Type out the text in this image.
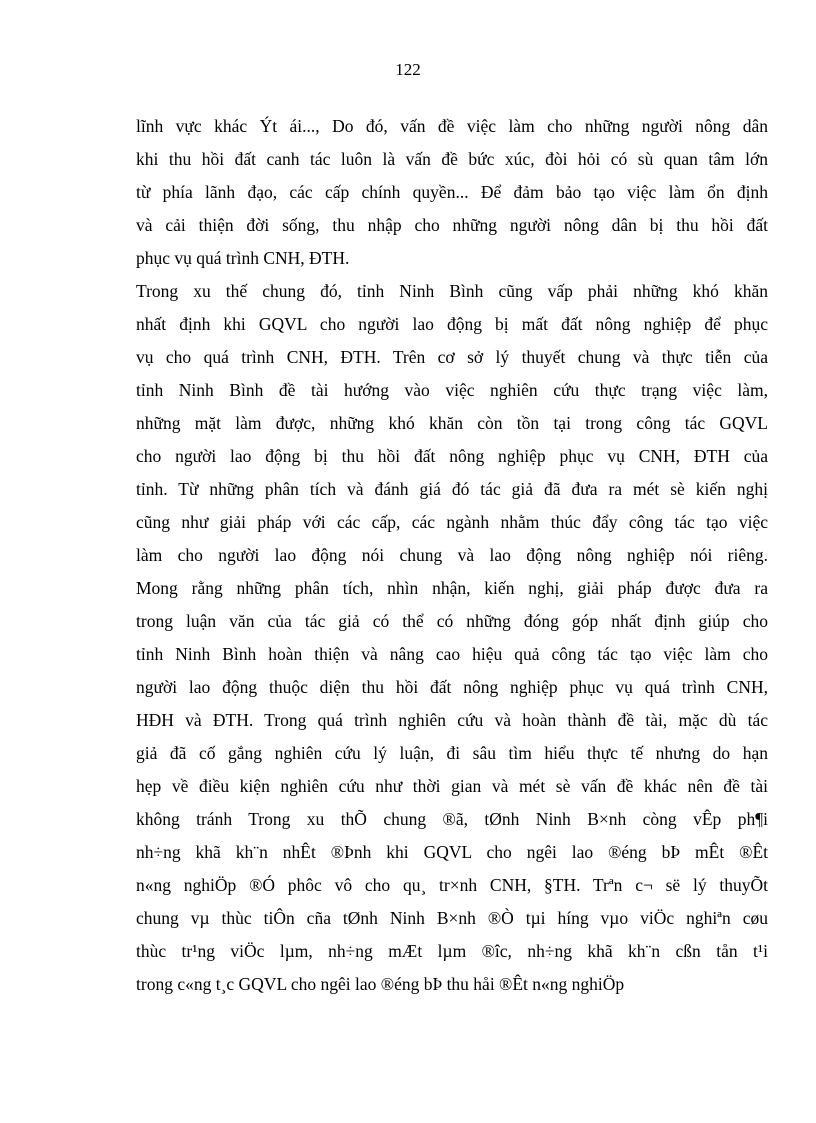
122
lĩnh vực khác Ýt ái..., Do đó, vấn đề việc làm cho những người nông dân
khi thu hồi đất canh tác luôn là vấn đề bức xúc, đòi hỏi có sù quan tâm lớn
từ phía lãnh đạo, các cấp chính quyền... Để đảm bảo tạo việc làm ổn định
và cải thiện đời sống, thu nhập cho những người nông dân bị thu hồi đất
phục vụ quá trình CNH, ĐTH.
Trong xu thế chung đó, tỉnh Ninh Bình cũng vấp phải những khó khăn
nhất định khi GQVL cho người lao động bị mất đất nông nghiệp để phục
vụ cho quá trình CNH, ĐTH. Trên cơ sở lý thuyết chung và thực tiễn của
tỉnh Ninh Bình đề tài hướng vào việc nghiên cứu thực trạng việc làm,
những mặt làm được, những khó khăn còn tồn tại trong công tác GQVL
cho người lao động bị thu hồi đất nông nghiệp phục vụ CNH, ĐTH của
tỉnh. Từ những phân tích và đánh giá đó tác giả đã đưa ra mét sè kiến nghị
cũng như giải pháp với các cấp, các ngành nhằm thúc đẩy công tác tạo việc
làm cho người lao động nói chung và lao động nông nghiệp nói riêng.
Mong rằng những phân tích, nhìn nhận, kiến nghị, giải pháp được đưa ra
trong luận văn của tác giả có thể có những đóng góp nhất định giúp cho
tỉnh Ninh Bình hoàn thiện và nâng cao hiệu quả công tác tạo việc làm cho
người lao động thuộc diện thu hồi đất nông nghiệp phục vụ quá trình CNH,
HĐH và ĐTH. Trong quá trình nghiên cứu và hoàn thành đề tài, mặc dù tác
giả đã cố gắng nghiên cứu lý luận, đi sâu tìm hiểu thực tế nhưng do hạn
hẹp về điều kiện nghiên cứu như thời gian và mét sè vấn đề khác nên đề tài
không tránh Trong xu thÕ chung ®ã, tØnh Ninh B×nh còng vÊp ph¶i
nh÷ng khã kh¨n nhÊt ®Þnh khi GQVL cho ngêi lao ®éng bÞ mÊt ®Êt
n«ng nghiÖp ®Ó phôc vô cho qu¸ tr×nh CNH, §TH. Trªn c¬ së lý thuyÕt
chung vµ thùc tiÔn cña tØnh Ninh B×nh ®Ò tµi híng vµo viÖc nghiªn cøu
thùc tr¹ng viÖc lµm, nh÷ng mÆt lµm ®îc, nh÷ng khã kh¨n cßn tån t¹i
trong c«ng t¸c GQVL cho ngêi lao ®éng bÞ thu håi ®Êt n«ng nghiÖp
